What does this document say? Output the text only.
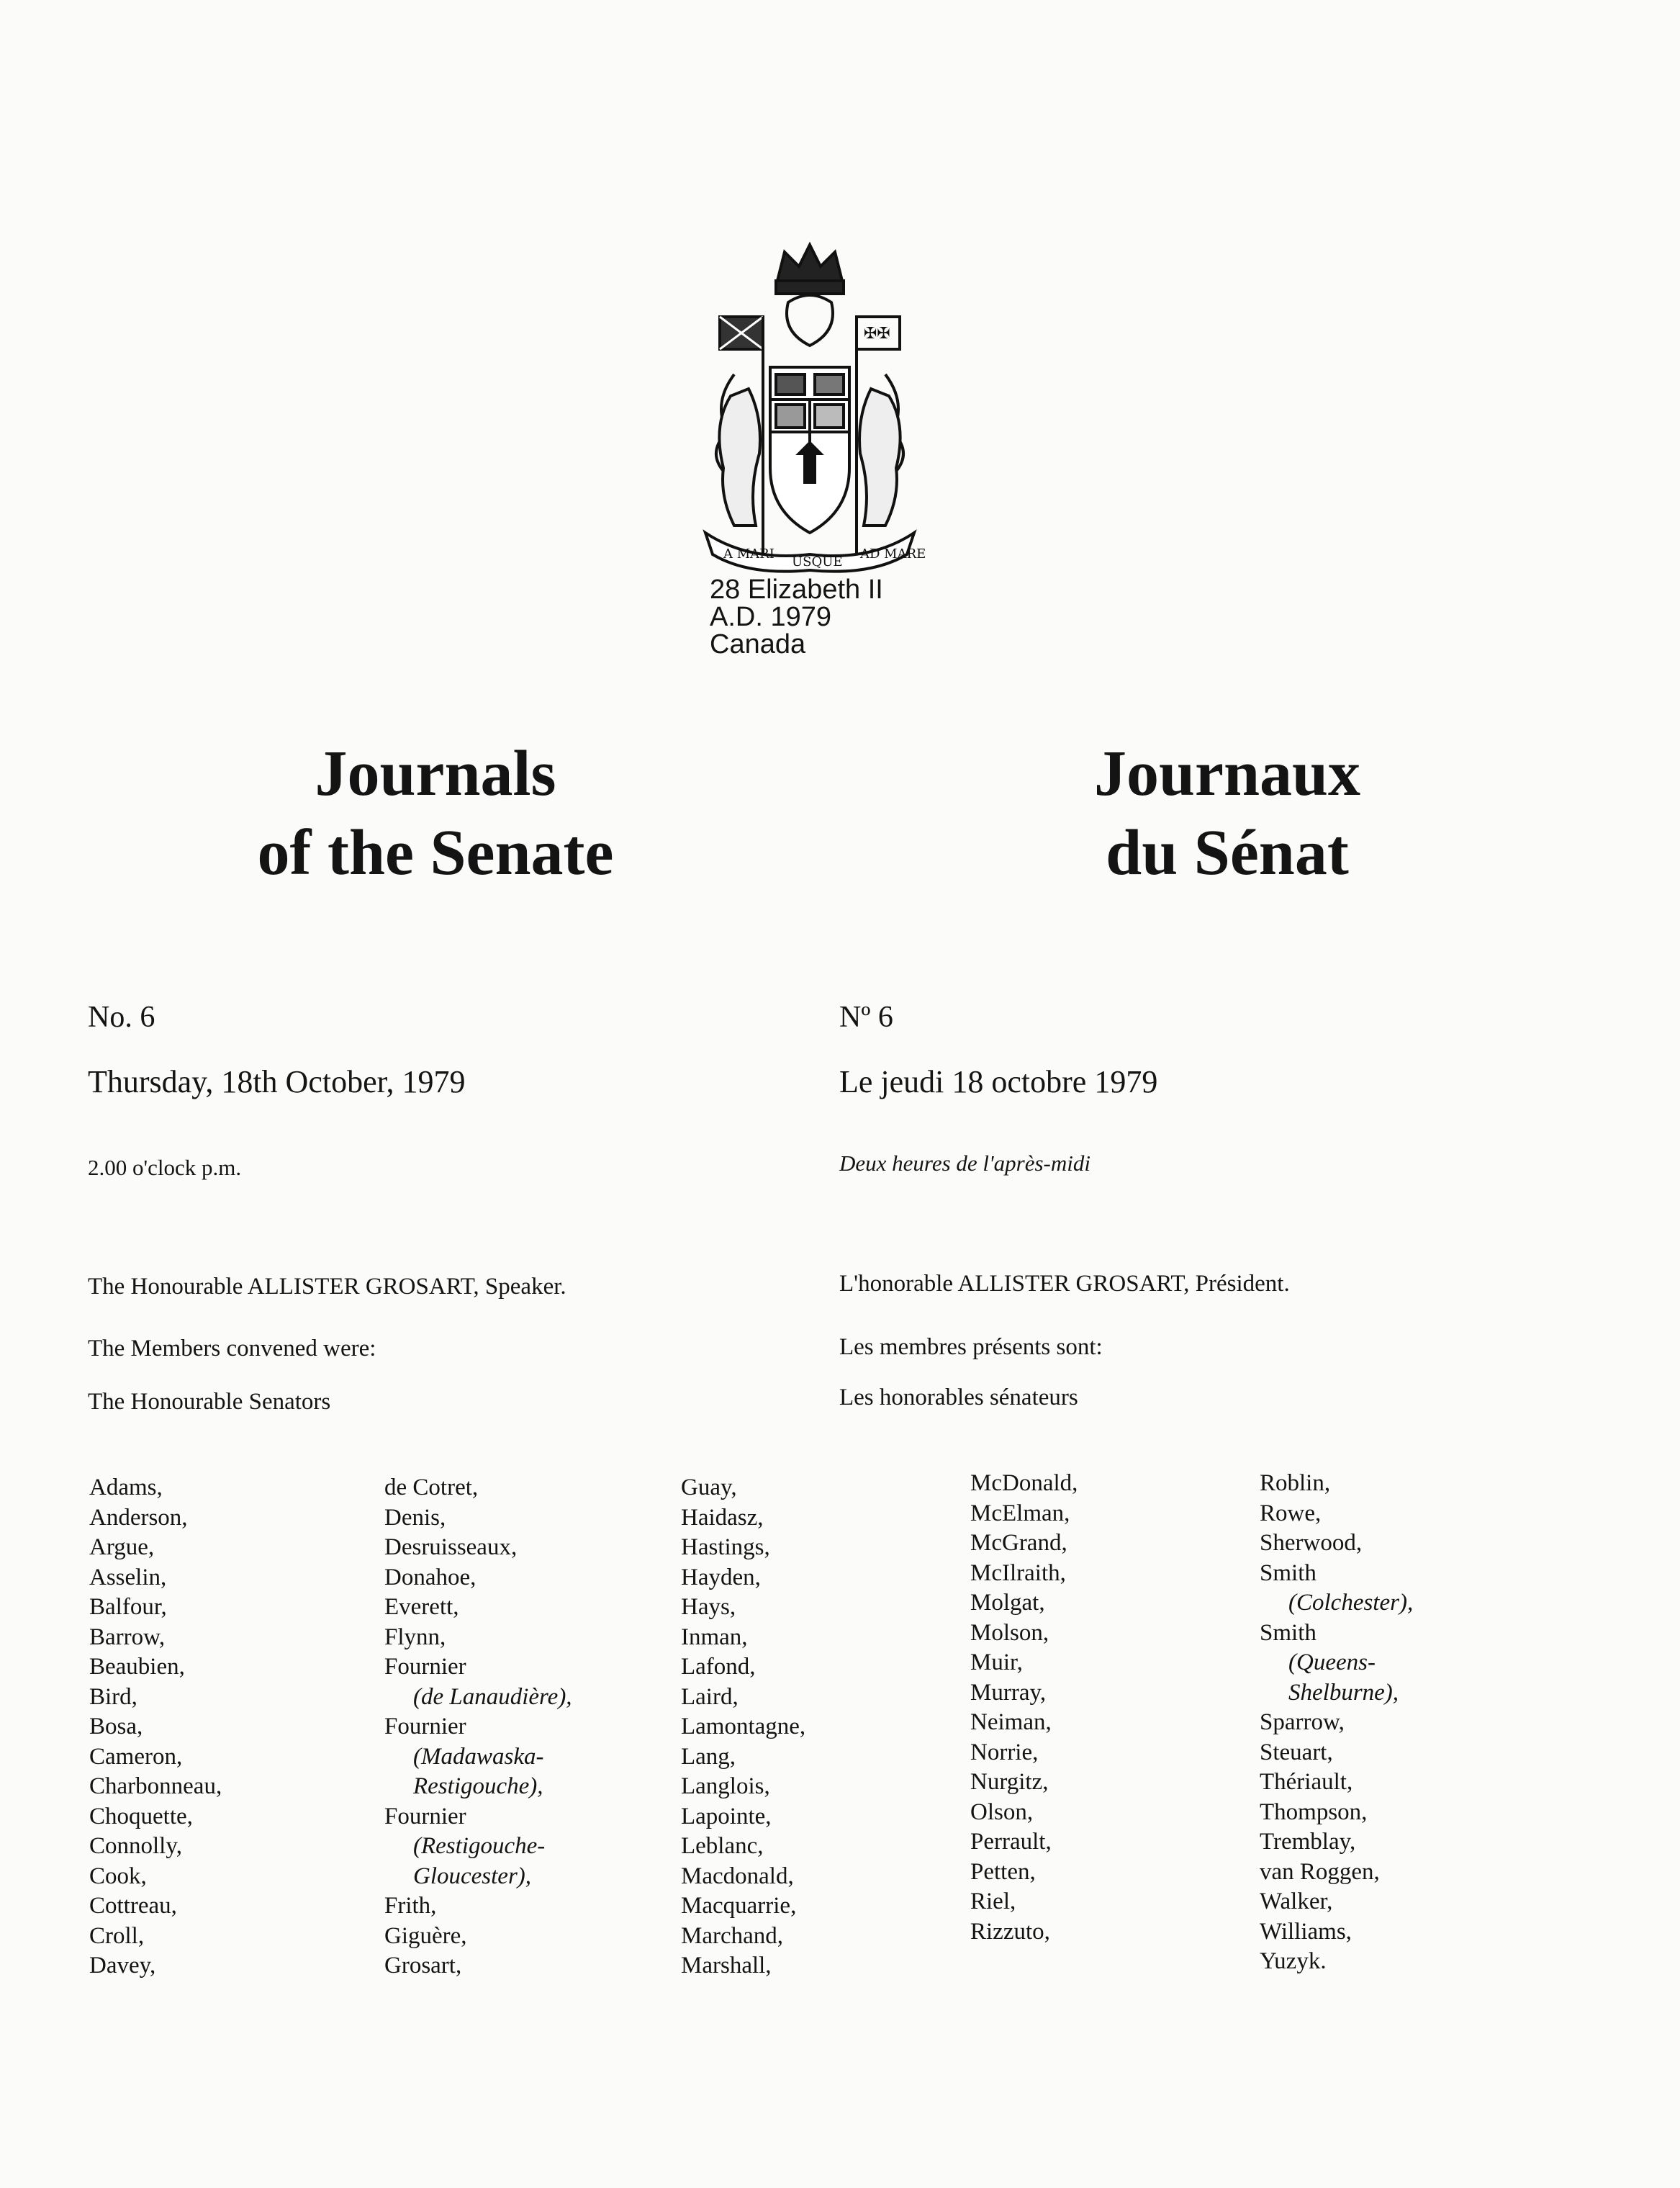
✠✠
A MARI
USQUE
AD MARE
28 Elizabeth II
A.D. 1979
Canada
Journals
of the Senate
Journaux
du Sénat
No. 6	Nº 6
Thursday, 18th October, 1979	Le jeudi 18 octobre 1979
2.00 o'clock p.m.	Deux heures de l'après-midi
The Honourable ALLISTER GROSART, Speaker.	L'honorable ALLISTER GROSART, Président.
The Members convened were:	Les membres présents sont:
The Honourable Senators	Les honorables sénateurs
Adams,
Anderson,
Argue,
Asselin,
Balfour,
Barrow,
Beaubien,
Bird,
Bosa,
Cameron,
Charbonneau,
Choquette,
Connolly,
Cook,
Cottreau,
Croll,
Davey,
de Cotret,
Denis,
Desruisseaux,
Donahoe,
Everett,
Flynn,
Fournier
(de Lanaudière),
Fournier
(Madawaska-
Restigouche),
Fournier
(Restigouche-
Gloucester),
Frith,
Giguère,
Grosart,
Guay,
Haidasz,
Hastings,
Hayden,
Hays,
Inman,
Lafond,
Laird,
Lamontagne,
Lang,
Langlois,
Lapointe,
Leblanc,
Macdonald,
Macquarrie,
Marchand,
Marshall,
McDonald,
McElman,
McGrand,
McIlraith,
Molgat,
Molson,
Muir,
Murray,
Neiman,
Norrie,
Nurgitz,
Olson,
Perrault,
Petten,
Riel,
Rizzuto,
Roblin,
Rowe,
Sherwood,
Smith
(Colchester),
Smith
(Queens-
Shelburne),
Sparrow,
Steuart,
Thériault,
Thompson,
Tremblay,
van Roggen,
Walker,
Williams,
Yuzyk.
